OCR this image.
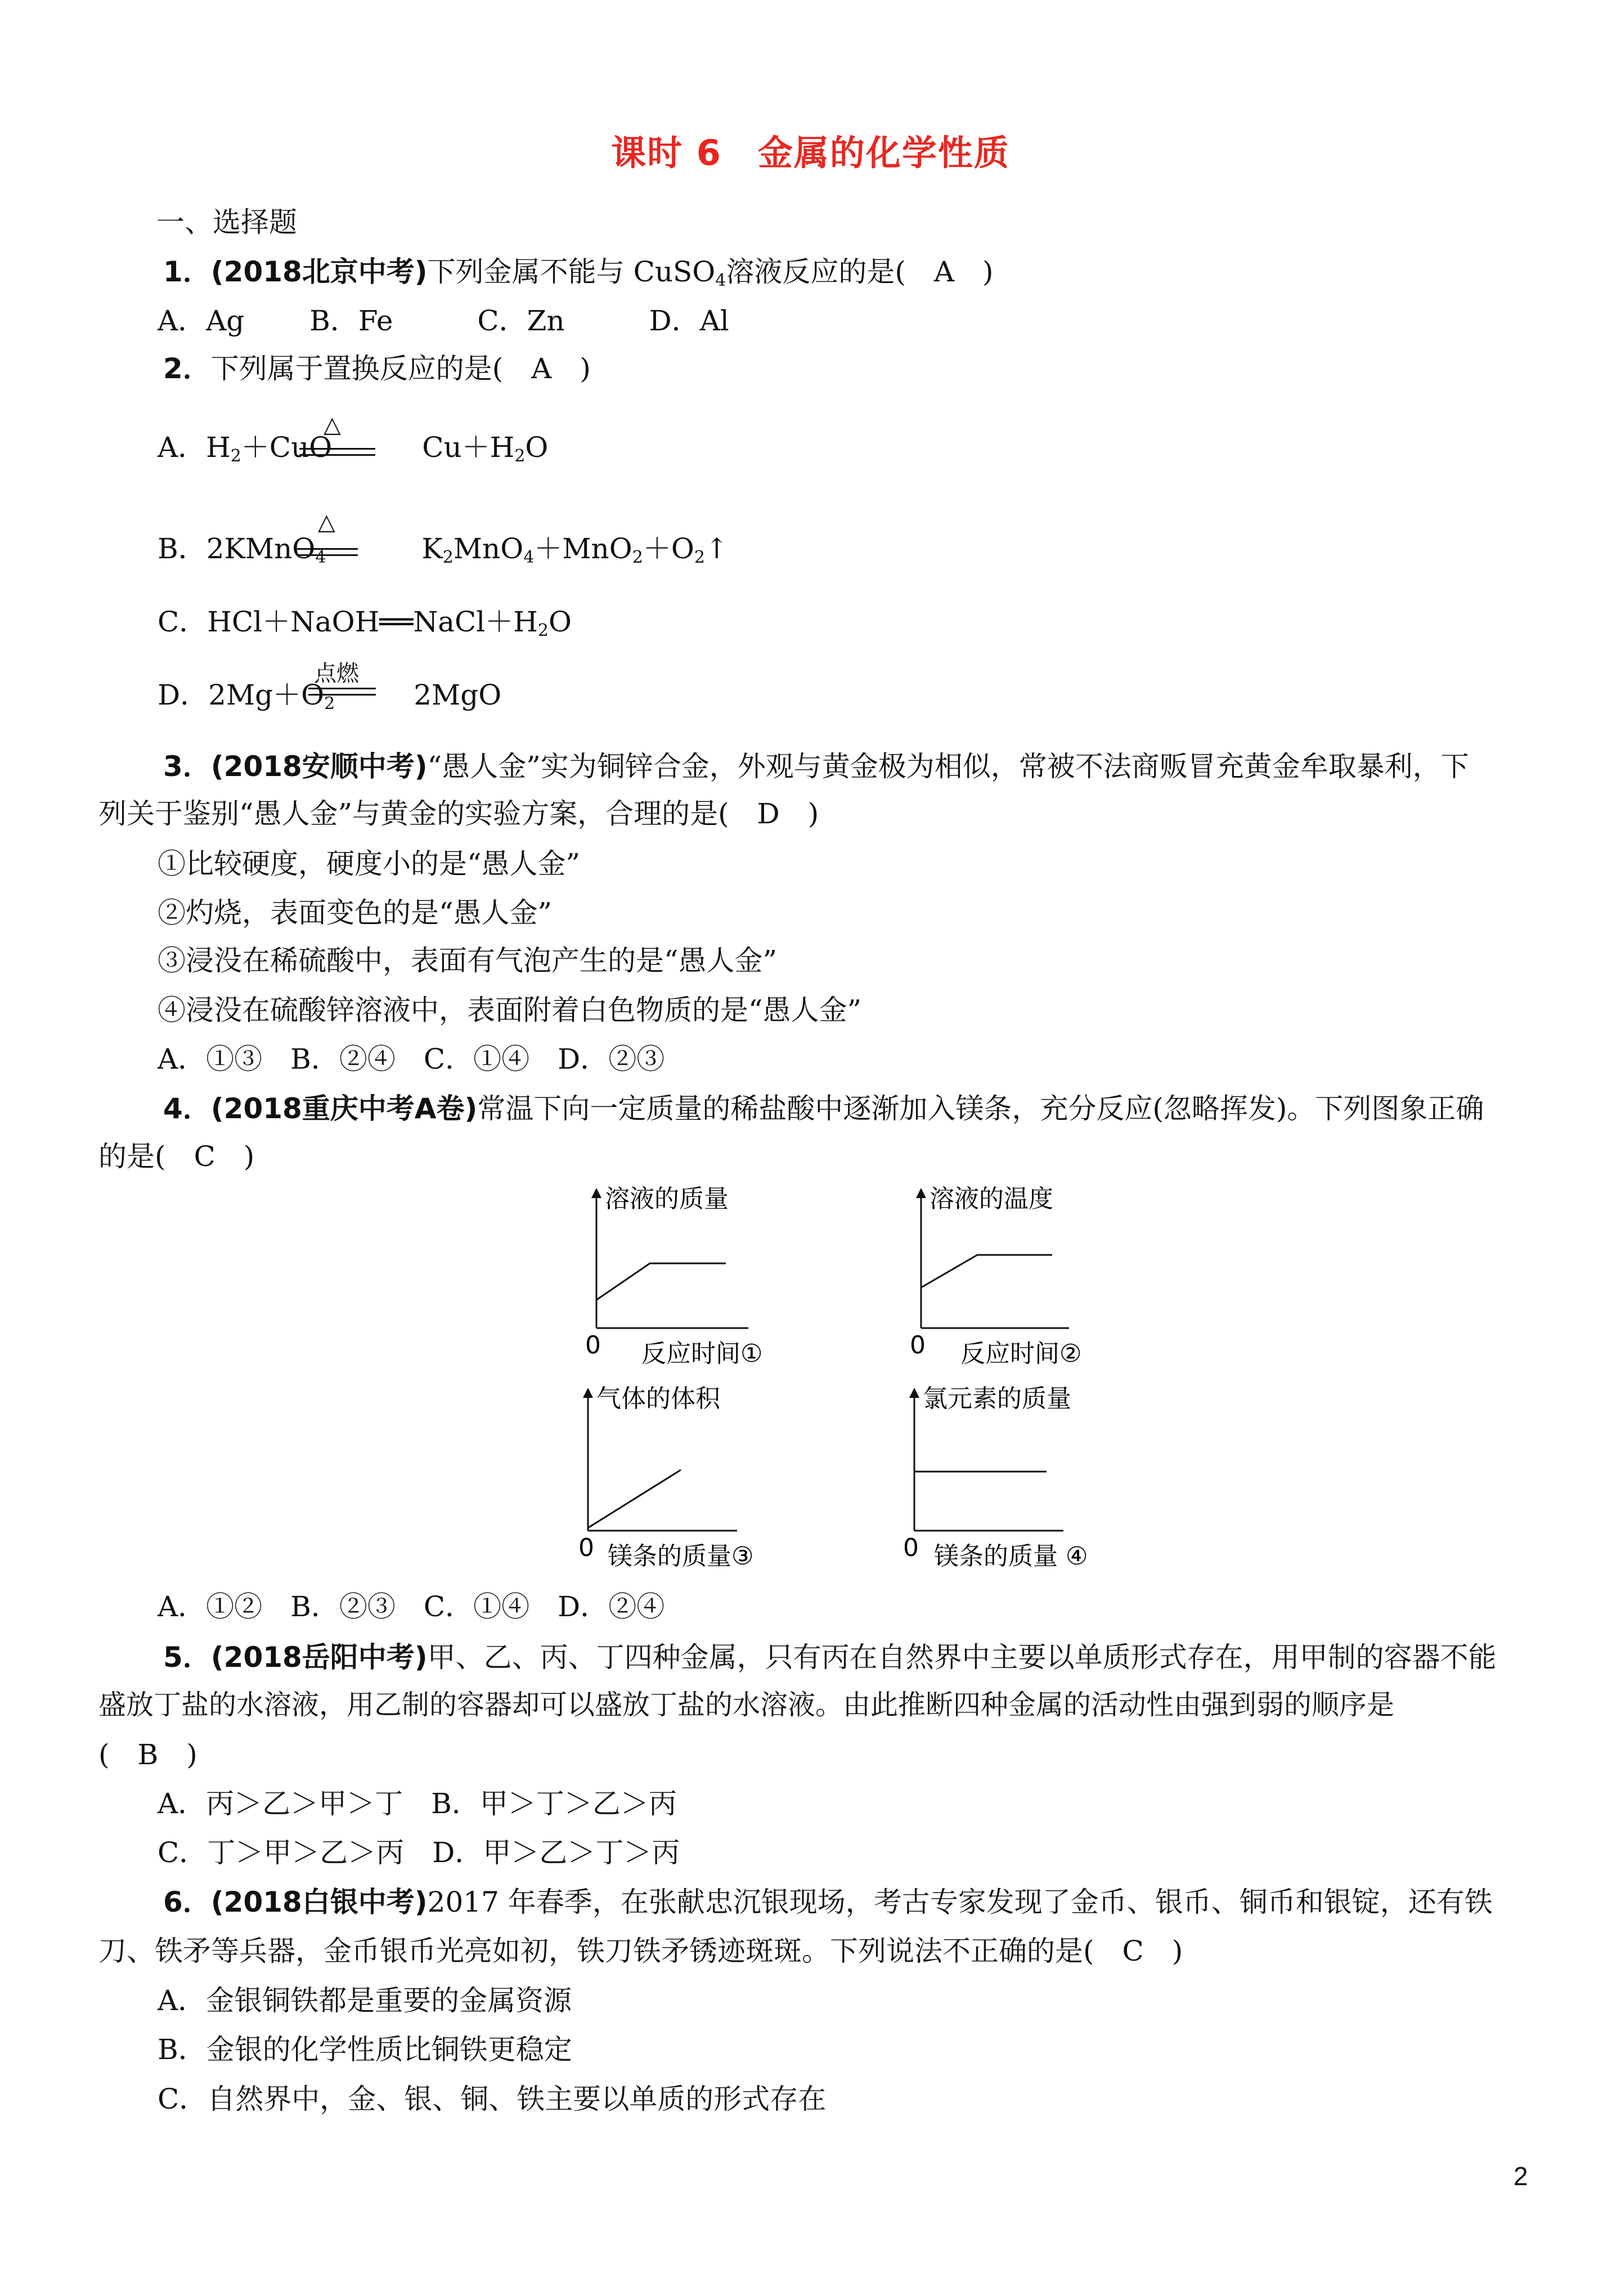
课时 6　金属的化学性质
一、选择题
1．(2018北京中考)下列金属不能与 CuSO$_4$溶液反应的是(　A　)
A．Ag　　 B．Fe　　　C．Zn　　　D．Al
2．下列属于置换反应的是(　A　)
A．$H_2+CuO$	$Cu+H_2O$
△
B．2KMnO$_4$	$K_2MnO_4+MnO_2+O_2↑$
△
C．$HCl+NaOH══NaCl+H_2O$
D．$2Mg+O_2$	2MgO
点燃
3．(2018安顺中考)“愚人金”实为铜锌合金，外观与黄金极为相似，常被不法商贩冒充黄金牟取暴利，下
列关于鉴别“愚人金”与黄金的实验方案，合理的是(　D　)
①比较硬度，硬度小的是“愚人金”
②灼烧，表面变色的是“愚人金”
③浸没在稀硫酸中，表面有气泡产生的是“愚人金”
④浸没在硫酸锌溶液中，表面附着白色物质的是“愚人金”
A．①③　B．②④　C．①④　D．②③
4．(2018重庆中考A卷)常温下向一定质量的稀盐酸中逐渐加入镁条，充分反应(忽略挥发)。下列图象正确
的是(　C　)
溶液的质量
0 反应时间①
溶液的温度
0 反应时间②
气体的体积
0 镁条的质量③
氯元素的质量
0 镁条的质量 ④
A．①②　B．②③　C．①④　D．②④
5．(2018岳阳中考)甲、乙、丙、丁四种金属，只有丙在自然界中主要以单质形式存在，用甲制的容器不能
盛放丁盐的水溶液，用乙制的容器却可以盛放丁盐的水溶液。由此推断四种金属的活动性由强到弱的顺序是
(　B　)
A．丙＞乙＞甲＞丁　B．甲＞丁＞乙＞丙
C．丁＞甲＞乙＞丙　D．甲＞乙＞丁＞丙
6．(2018白银中考)2017 年春季，在张献忠沉银现场，考古专家发现了金币、银币、铜币和银锭，还有铁
刀、铁矛等兵器，金币银币光亮如初，铁刀铁矛锈迹斑斑。下列说法不正确的是(　C　)
A．金银铜铁都是重要的金属资源
B．金银的化学性质比铜铁更稳定
C．自然界中，金、银、铜、铁主要以单质的形式存在
2
